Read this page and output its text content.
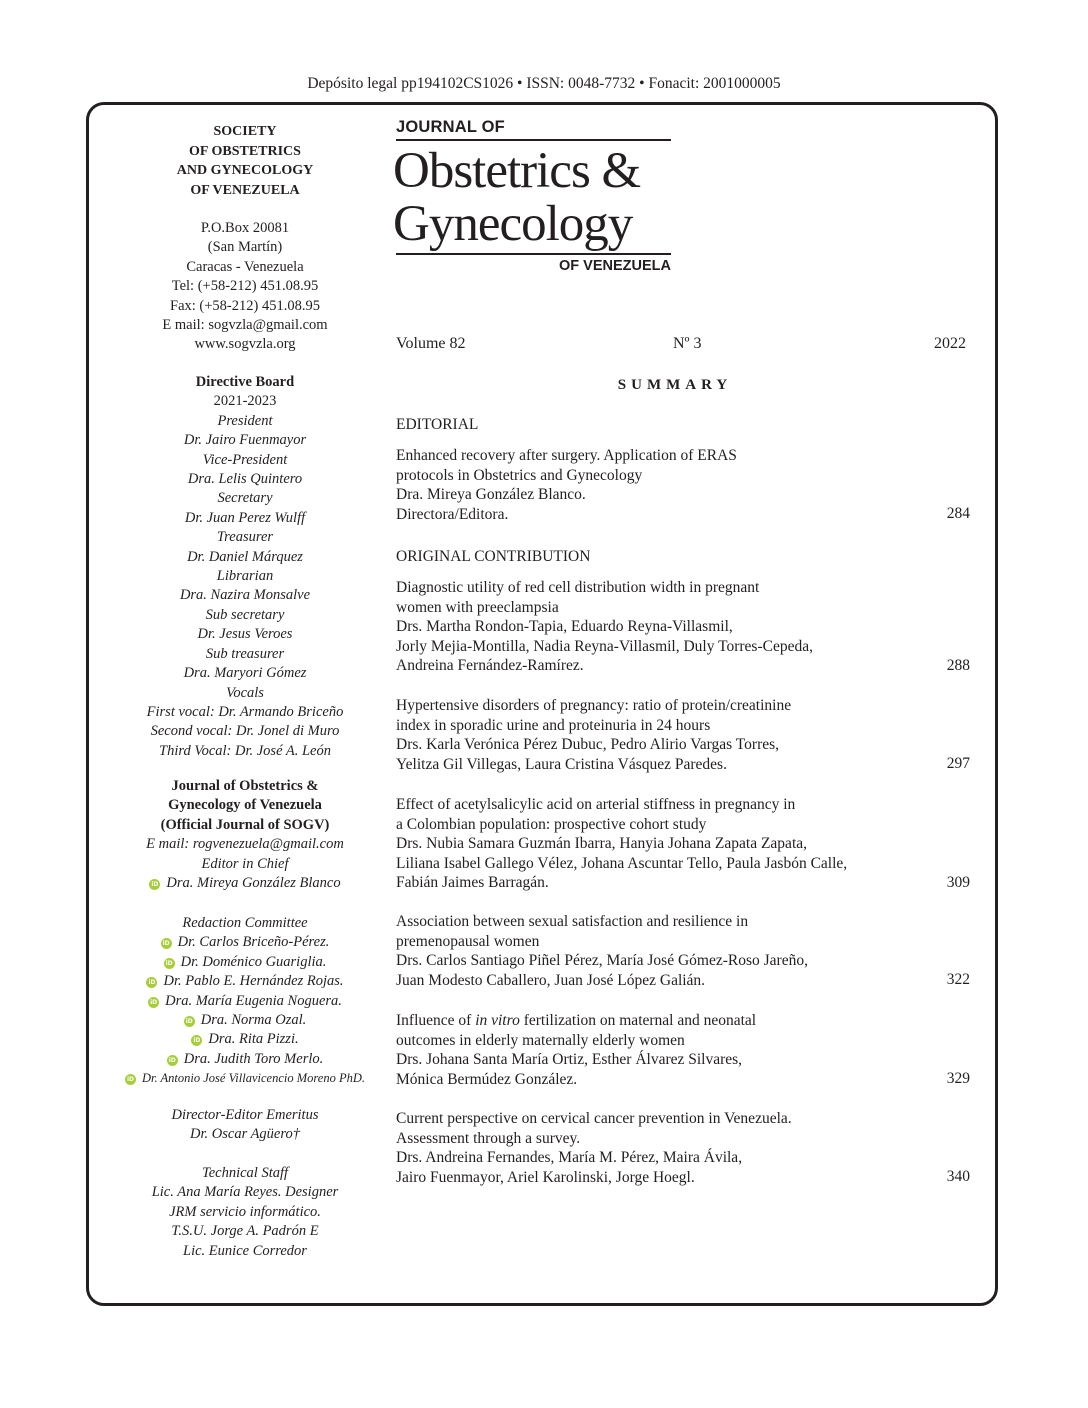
Depósito legal pp194102CS1026 • ISSN: 0048-7732 • Fonacit: 2001000005
SOCIETY
OF OBSTETRICS
AND GYNECOLOGY
OF VENEZUELA
P.O.Box 20081
(San Martín)
Caracas - Venezuela
Tel: (+58-212) 451.08.95
Fax: (+58-212) 451.08.95
E mail: sogvzla@gmail.com
www.sogvzla.org
Directive Board
2021-2023
President
Dr. Jairo Fuenmayor
Vice-President
Dra. Lelis Quintero
Secretary
Dr. Juan Perez Wulff
Treasurer
Dr. Daniel Márquez
Librarian
Dra. Nazira Monsalve
Sub secretary
Dr. Jesus Veroes
Sub treasurer
Dra. Maryori Gómez
Vocals
First vocal: Dr. Armando Briceño
Second vocal: Dr. Jonel di Muro
Third Vocal: Dr. José A. León
Journal of Obstetrics &
Gynecology of Venezuela
(Official Journal of SOGV)
E mail: rogvenezuela@gmail.com
Editor in Chief
iD Dra. Mireya González Blanco
Redaction Committee
iD Dr. Carlos Briceño-Pérez.
iD Dr. Doménico Guariglia.
iD Dr. Pablo E. Hernández Rojas.
iD Dra. María Eugenia Noguera.
iD Dra. Norma Ozal.
iD Dra. Rita Pizzi.
iD Dra. Judith Toro Merlo.
iD Dr. Antonio José Villavicencio Moreno PhD.
Director-Editor Emeritus
Dr. Oscar Agüero†
Technical Staff
Lic. Ana María Reyes. Designer
JRM servicio informático.
T.S.U. Jorge A. Padrón E
Lic. Eunice Corredor
JOURNAL OF
Obstetrics &
Gynecology
OF VENEZUELA
Volume 82	Nº 3	2022
SUMMARY
EDITORIAL
Enhanced recovery after surgery. Application of ERAS
protocols in Obstetrics and Gynecology
Dra. Mireya González Blanco.
Directora/Editora.	284
ORIGINAL CONTRIBUTION
Diagnostic utility of red cell distribution width in pregnant
women with preeclampsia
Drs. Martha Rondon-Tapia, Eduardo Reyna-Villasmil,
Jorly Mejia-Montilla, Nadia Reyna-Villasmil, Duly Torres-Cepeda,
Andreina Fernández-Ramírez.	288
Hypertensive disorders of pregnancy: ratio of protein/creatinine
index in sporadic urine and proteinuria in 24 hours
Drs. Karla Verónica Pérez Dubuc, Pedro Alirio Vargas Torres,
Yelitza Gil Villegas, Laura Cristina Vásquez Paredes.	297
Effect of acetylsalicylic acid on arterial stiffness in pregnancy in
a Colombian population: prospective cohort study
Drs. Nubia Samara Guzmán Ibarra, Hanyia Johana Zapata Zapata,
Liliana Isabel Gallego Vélez, Johana Ascuntar Tello, Paula Jasbón Calle,
Fabián Jaimes Barragán.	309
Association between sexual satisfaction and resilience in
premenopausal women
Drs. Carlos Santiago Piñel Pérez, María José Gómez-Roso Jareño,
Juan Modesto Caballero, Juan José López Galián.	322
Influence of in vitro fertilization on maternal and neonatal
outcomes in elderly maternally elderly women
Drs. Johana Santa María Ortiz, Esther Álvarez Silvares,
Mónica Bermúdez González.	329
Current perspective on cervical cancer prevention in Venezuela.
Assessment through a survey.
Drs. Andreina Fernandes, María M. Pérez, Maira Ávila,
Jairo Fuenmayor, Ariel Karolinski, Jorge Hoegl.	340
